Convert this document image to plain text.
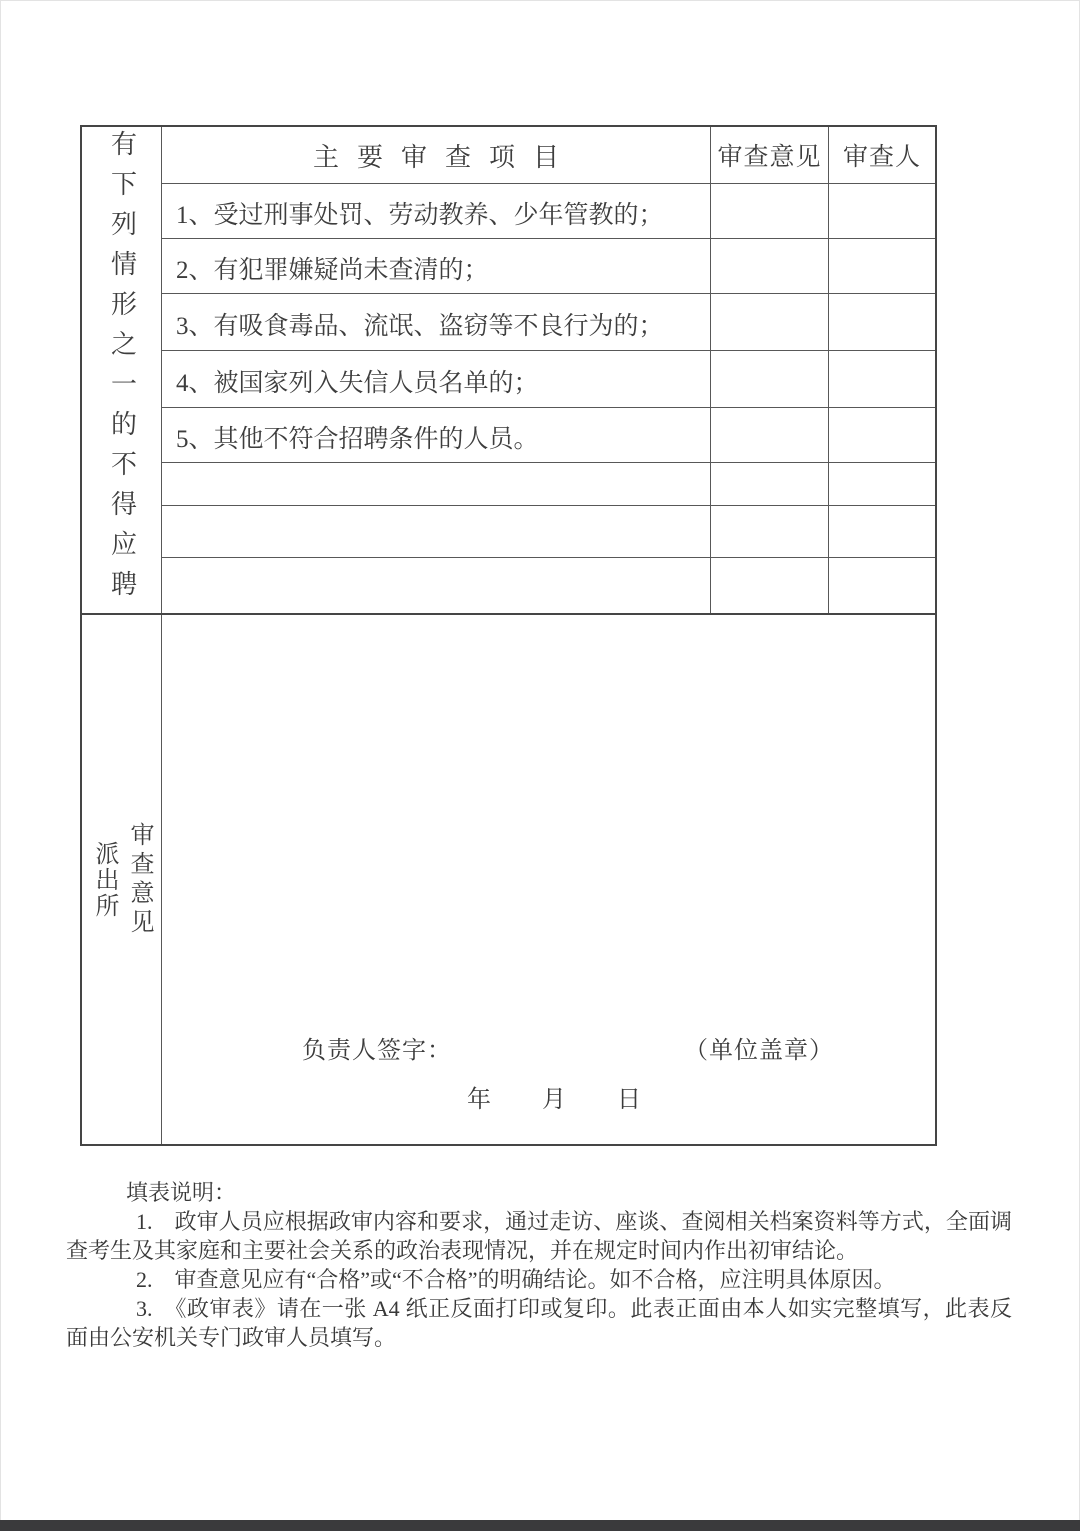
有下列情形之一的不得应聘	主要审查项目	审查意见 审查人
1、受过刑事处罚、劳动教养、少年管教的；
2、有犯罪嫌疑尚未查清的；
3、有吸食毒品、流氓、盗窃等不良行为的；
4、被国家列入失信人员名单的；
5、其他不符合招聘条件的人员。
派出所 审查意见
负责人签字：	（单位盖章）
年　　月　　日
填表说明：

1.　政审人员应根据政审内容和要求，通过走访、座谈、查阅相关档案资料等方式，全面调查考生及其家庭和主要社会关系的政治表现情况，并在规定时间内作出初审结论。

2.　审查意见应有“合格”或“不合格”的明确结论。如不合格，应注明具体原因。

3.　《政审表》请在一张 A4 纸正反面打印或复印。此表正面由本人如实完整填写，此表反面由公安机关专门政审人员填写。
